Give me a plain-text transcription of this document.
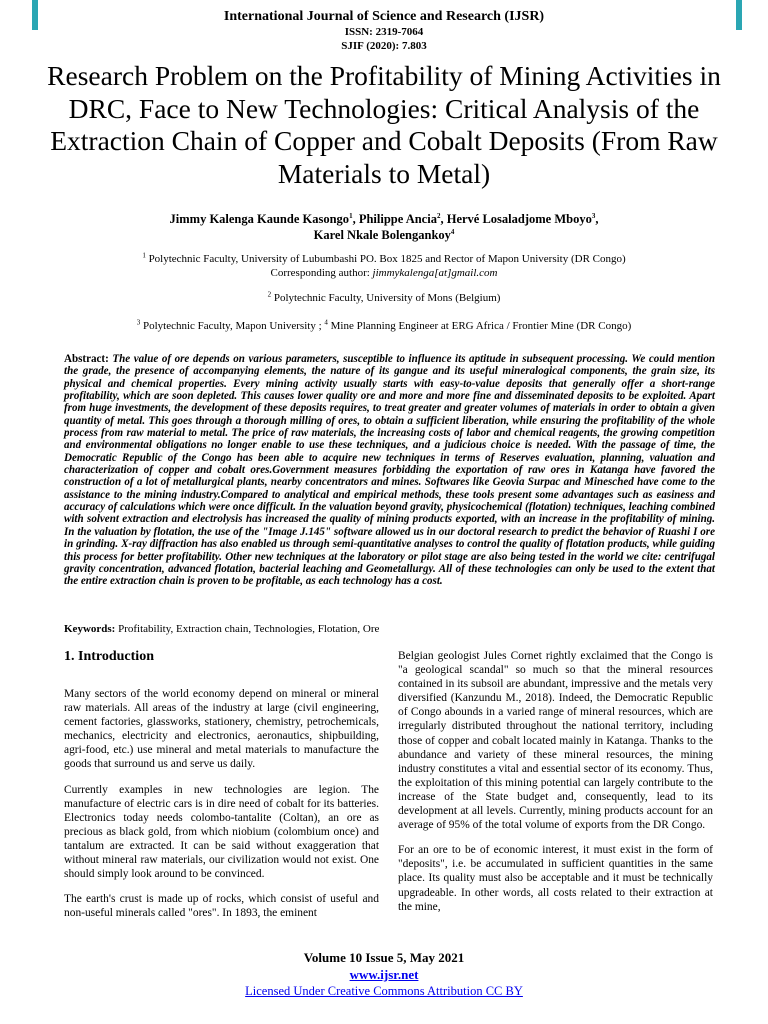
International Journal of Science and Research (IJSR)
ISSN: 2319-7064
SJIF (2020): 7.803
Research Problem on the Profitability of Mining Activities in DRC, Face to New Technologies: Critical Analysis of the Extraction Chain of Copper and Cobalt Deposits (From Raw Materials to Metal)
Jimmy Kalenga Kaunde Kasongo$^1$, Philippe Ancia$^2$, Hervé Losaladjome Mboyo$^3$,
Karel Nkale Bolengankoy$^4$
$^1$ Polytechnic Faculty, University of Lubumbashi PO. Box 1825 and Rector of Mapon University (DR Congo)
Corresponding author: jimmykalenga[at]gmail.com
$^2$ Polytechnic Faculty, University of Mons (Belgium)
$^3$ Polytechnic Faculty, Mapon University ; $^4$ Mine Planning Engineer at ERG Africa / Frontier Mine (DR Congo)
Abstract: The value of ore depends on various parameters, susceptible to influence its aptitude in subsequent processing. We could mention the grade, the presence of accompanying elements, the nature of its gangue and its useful mineralogical components, the grain size, its physical and chemical properties. Every mining activity usually starts with easy-to-value deposits that generally offer a short-range profitability, which are soon depleted. This causes lower quality ore and more and more fine and disseminated deposits to be exploited. Apart from huge investments, the development of these deposits requires, to treat greater and greater volumes of materials in order to obtain a given quantity of metal. This goes through a thorough milling of ores, to obtain a sufficient liberation, while ensuring the profitability of the whole process from raw material to metal. The price of raw materials, the increasing costs of labor and chemical reagents, the growing competition and environmental obligations no longer enable to use these techniques, and a judicious choice is needed. With the passage of time, the Democratic Republic of the Congo has been able to acquire new techniques in terms of Reserves evaluation, planning, valuation and characterization of copper and cobalt ores.Government measures forbidding the exportation of raw ores in Katanga have favored the construction of a lot of metallurgical plants, nearby concentrators and mines. Softwares like Geovia Surpac and Minesched have come to the assistance to the mining industry.Compared to analytical and empirical methods, these tools present some advantages such as easiness and accuracy of calculations which were once difficult. In the valuation beyond gravity, physicochemical (flotation) techniques, leaching combined with solvent extraction and electrolysis has increased the quality of mining products exported, with an increase in the profitability of mining. In the valuation by flotation, the use of the "Image J.145" software allowed us in our doctoral research to predict the behavior of Ruashi I ore in grinding. X-ray diffraction has also enabled us through semi-quantitative analyses to control the quality of flotation products, while guiding this process for better profitability. Other new techniques at the laboratory or pilot stage are also being tested in the world we cite: centrifugal gravity concentration, advanced flotation, bacterial leaching and Geometallurgy. All of these technologies can only be used to the extent that the entire extraction chain is proven to be profitable, as each technology has a cost.
Keywords: Profitability, Extraction chain, Technologies, Flotation, Ore
1. Introduction

Many sectors of the world economy depend on mineral or mineral raw materials. All areas of the industry at large (civil engineering, cement factories, glassworks, stationery, chemistry, petrochemicals, mechanics, electricity and electronics, aeronautics, shipbuilding, agri-food, etc.) use mineral and metal materials to manufacture the goods that surround us and serve us daily.

Currently examples in new technologies are legion. The manufacture of electric cars is in dire need of cobalt for its batteries. Electronics today needs colombo-tantalite (Coltan), an ore as precious as black gold, from which niobium (colombium once) and tantalum are extracted. It can be said without exaggeration that without mineral raw materials, our civilization would not exist. One should simply look around to be convinced.

The earth's crust is made up of rocks, which consist of useful and non-useful minerals called "ores". In 1893, the eminent

Belgian geologist Jules Cornet rightly exclaimed that the Congo is "a geological scandal" so much so that the mineral resources contained in its subsoil are abundant, impressive and the metals very diversified (Kanzundu M., 2018). Indeed, the Democratic Republic of Congo abounds in a varied range of mineral resources, which are irregularly distributed throughout the national territory, including those of copper and cobalt located mainly in Katanga. Thanks to the abundance and variety of these mineral resources, the mining industry constitutes a vital and essential sector of its economy. Thus, the exploitation of this mining potential can largely contribute to the increase of the State budget and, consequently, lead to its development at all levels. Currently, mining products account for an average of 95% of the total volume of exports from the DR Congo.

For an ore to be of economic interest, it must exist in the form of "deposits", i.e. be accumulated in sufficient quantities in the same place. Its quality must also be acceptable and it must be technically upgradeable. In other words, all costs related to their extraction at the mine,

Volume 10 Issue 5, May 2021
www.ijsr.net
Licensed Under Creative Commons Attribution CC BY
